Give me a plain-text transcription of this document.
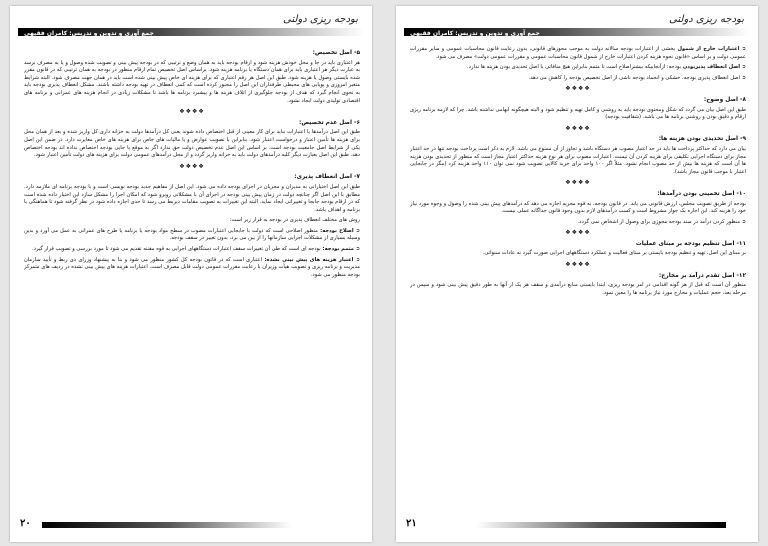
جمع آوری و تدوین و تدریس: کامران فقیهی
بودجه ریزی دولتی
۵- اصل تخصیص:

هر اعتباری باید در جا و محل خودش هزینه شود و ارقام بودجه باید به همان وضع و ترتیبی که در بودجه پیش بینی و تصویب شده وصول و یا به مصرف برسد به عبارت دیگر هر اعتباری باید برای همان دستگاه یا برنامه هزینه شود. براساس اصل تخصیص تمام ارقام منظور در بودجه به همان ترتیبی که در قانون مقرر شده بایستی وصول یا هزینه شود. طبق این اصل هر رقم اعتباری که برای هزینه ای خاص پیش بینی شده است باید در همان جهت مصرف شود. البته شرایط متغیر امروزی و پویایی های محیطی طرفداران این اصل را مجبور کرده است که کمی انعطاف در تهیه بودجه داشته باشند. مشکل انعطاف پذیری بودجه باید به نحوی انجام گیرد که هدف از بودجه جلوگیری از اتلاف هزینه ها و پیشبرد برنامه ها باشد تا مشکلات زیادی در انجام هزینه های عمرانی و برنامه های اقتصادی تولیدی دولت ایجاد نشود.

❖❖❖❖
۶- اصل عدم تخصیص:

طبق این اصل درآمدها یا اعتبارات نباید برای کار معینی از قبل اختصاص داده شوند یعنی کل درآمدها دولت به خزانه داری کل واریز شده و بعد از همان محل برای هزینه ها تأمین اعتبار و درخواست اعتبار شود. بنابراین با تصویب عوارض و یا مالیات های خاص برای هزینه های خاص مغایرت دارد. در ضمن این اصل یکی از شرایط اصل جامعیت بودجه است. بر اساس این اصل عدم تخصیص دولت حق ندارد اگر به موقع یا جایی بودجه اختصاص نداده اند بودجه اختصاص دهد. طبق این اصل بعبارت دیگر کلیه درآمدهای دولت باید به خزانه واریز گردد و از محل درآمدهای عمومی دولت برای هزینه های دولت تأمین اعتبار شود.

❖❖❖❖
۷- اصل انعطاف پذیری:

طبق این اصل اختیاراتی به مدیران و مجریان در اجرای بودجه داده می شود. این اصل از مفاهیم جدید بودجه نویسی است و با بودجه برنامه ای ملازمه دارد. مطابق با این اصل اگر چنانچه دولت در زمان پیش بینی بودجه در اجرای آن با مشکلاتی روبرو شود که امکان اجرا را مشکل سازد این اختیار داده شده است که در ارقام بودجه جابجا و تغییراتی ایجاد نماید. البته این تغییرات به تصویب مقامات ذیربط می رسد تا حدی اجازه داده شود در نظر گرفته شود تا هماهنگی با برنامه و اهداف باشد.

روش های مختلف انعطاف پذیری در بودجه به قرار زیر است:

➲ اصلاح بودجه: منظور اصلاحی است که دولت با جابجایی اعتبارات مصوب در سطح مواد بودجه یا برنامه یا طرح های عمرانی به عمل می آورد و بدین وسیله بسیاری از مشکلات اجرایی سازمانها را از بین می برد، بدون تغییر در سقف بودجه.

➲ متمم بودجه: بودجه ای است که طی آن تغییرات سقف اعتبارات دستگاههای اجرایی به قوه مقننه تقدیم می شود تا مورد بررسی و تصویب قرار گیرد.

➲ اعتبار هزینه های پیش بینی نشده: اعتباری است که در قانون بودجه کل کشور منظور می شود و بنا به پیشنهاد وزرای ذی ربط و تأیید سازمان مدیریت و برنامه ریزی و تصویب هیأت وزیران با رعایت مقررات عمومی دولت قابل مصرف است. اعتبارات هزینه های پیش بینی نشده در ردیف های متمرکز بودجه منظور می شود.

۲۰
جمع آوری و تدوین و تدریس: کامران فقیهی
بودجه ریزی دولتی

➲ اعتبارات خارج از شمول بخشی از اعتبارات بودجه سالانه دولت به موجب مجوزهای قانونی، بدون رعایت قانون محاسبات عمومی و سایر مقررات عمومی دولت و بر اساس «قانون نحوه هزینه کردن اعتبارات خارج از شمول قانون محاسبات عمومی و مقررات عمومی دولت» مصرف می شود.

➲ اصل انعطاف پذیربودن بودجه: ازآنجاییکه بیشتراصلاح است تا متمم بنابراین هیچ منافاتی با اصل تحدیدی بودن هزینه ها ندارد.

➲ اصل انعطاف پذیری بودجه، خشکی و انجماد بودجه ناشی از اصل تخصیص بودجه را کاهش می دهد.

❖❖❖❖
۸- اصل وضوح:

طبق این اصل بیان می گردد که شکل ومحتوی بودجه باید به روشنی و کامل تهیه و تنظیم شود و البته هیچگونه ابهامی نداشته باشد. چرا که لازمه برنامه ریزی ارقام و دقیق بودن و روشنی برنامه ها می باشد. (شفافیت بودجه)

❖❖❖❖
۹- اصل تحدیدی بودن هزینه ها:

بیان می دارد که حداکثر پرداخت ها باید در حد اعتبار مصوب هر دستگاه باشد و تجاوز از آن ممنوع می باشد. لازم به ذکر است پرداخت بودجه تنها در حد اعتبار مجاز برای دستگاه اجرایی تکلیفی برای هزینه کردن آن نیست. اعتبارات مصوب برای هر نوع هزینه حداکثر اعتبار مجاز است که منظور از تحدیدی بودن هزینه ها آن است که هزینه ها بیش از حد مصوب انجام نشود. مثلاً اگر ۱۰۰ واحد برای خرید کالایی تصویب شود نمی توان ۱۱۰ واحد هزینه کرد (مگر در جابجایی اعتبار با موجب قانون مجاز باشد).

❖❖❖❖
۱۰- اصل تخمینی بودن درآمدها:

بودجه از طریق تصویب مجلس، ارزش قانونی می یابد. در قانون بودجه، به قوه مجریه اجازه می دهد که درآمدهای پیش بینی شده را وصول و وجوه مورد نیاز خود را هزینه کند. این اجازه یک جواز مشروط است و کسب درآمدهای لازم بدون وجود قانون جداگانه عملی نیست.

➲ منظور کردن درآمد در سند بودجه مجوزی برای وصول از اشخاص نمی گردد.

❖❖❖❖
۱۱- اصل تنظیم بودجه بر مبنای عملیات

بر مبنای این اصل، تهیه و تنظیم بودجه بایستی بر مبنای فعالیت و عملکرد دستگاههای اجرایی صورت گیرد نه عادات سنواتی.

❖❖❖❖
۱۲- اصل تقدم درآمد بر مخارج:

منظور آن است که قبل از هر گونه اقدامی در امر بودجه ریزی، ابتدا بایستی منابع درآمدی و سقف هر یک از آنها به طور دقیق پیش بینی شود و سپس در مرحله بعد، حجم عملیات و مخارج مورد نیاز برنامه ها را معین نمود.

۲۱
